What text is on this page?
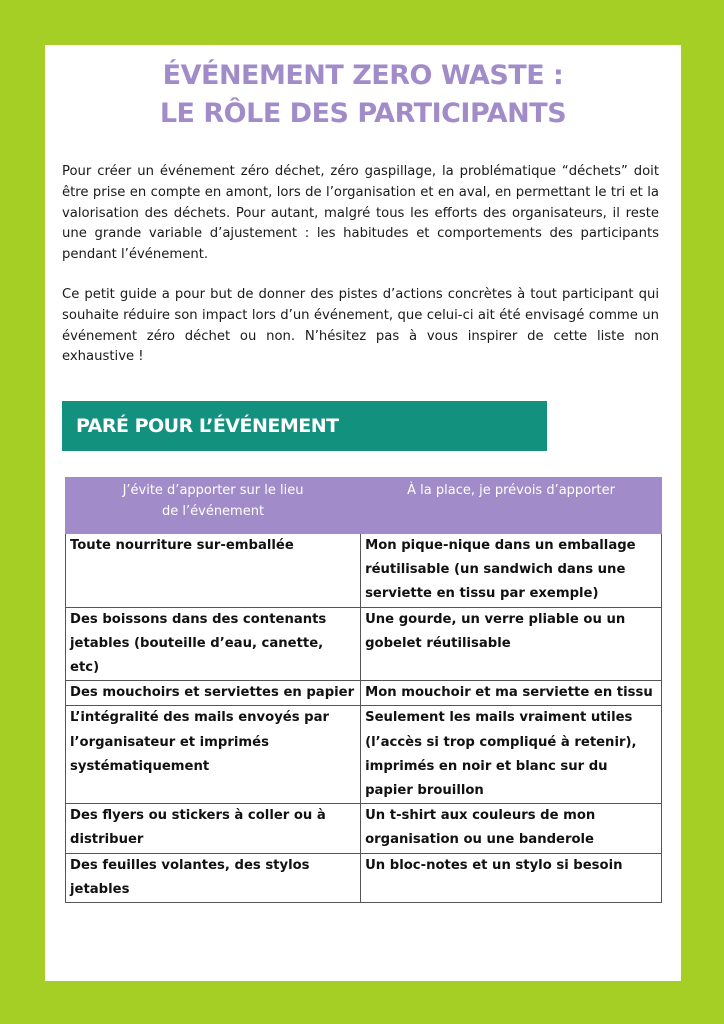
ÉVÉNEMENT ZERO WASTE :
LE RÔLE DES PARTICIPANTS

Pour créer un événement zéro déchet, zéro gaspillage, la problématique “déchets” doit être prise en compte en amont, lors de l’organisation et en aval, en permettant le tri et la valorisation des déchets. Pour autant, malgré tous les efforts des organisateurs, il reste une grande variable d’ajustement : les habitudes et comportements des participants pendant l’événement.

Ce petit guide a pour but de donner des pistes d’actions concrètes à tout participant qui souhaite réduire son impact lors d’un événement, que celui-ci ait été envisagé comme un événement zéro déchet ou non. N’hésitez pas à vous inspirer de cette liste non exhaustive !

PARÉ POUR L’ÉVÉNEMENT
J’évite d’apporter sur le lieu de l’événement	À la place, je prévois d’apporter
Toute nourriture sur-emballée	Mon pique-nique dans un emballage réutilisable (un sandwich dans une serviette en tissu par exemple)
Des boissons dans des contenants jetables (bouteille d’eau, canette, etc)	Une gourde, un verre pliable ou un gobelet réutilisable
Des mouchoirs et serviettes en papier	Mon mouchoir et ma serviette en tissu
L’intégralité des mails envoyés par l’organisateur et imprimés systématiquement	Seulement les mails vraiment utiles (l’accès si trop compliqué à retenir), imprimés en noir et blanc sur du papier brouillon
Des flyers ou stickers à coller ou à distribuer	Un t-shirt aux couleurs de mon organisation ou une banderole
Des feuilles volantes, des stylos jetables	Un bloc-notes et un stylo si besoin
